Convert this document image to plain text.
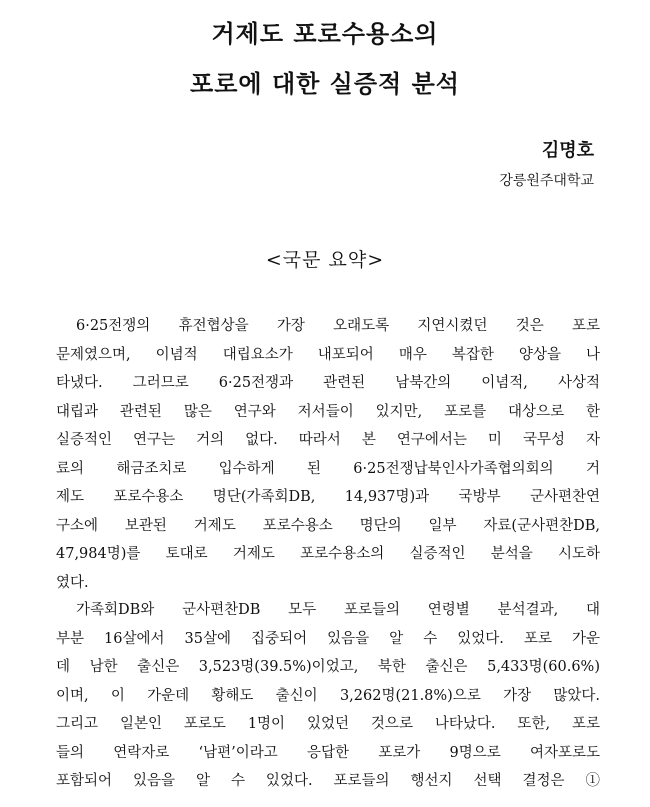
거제도 포로수용소의
포로에 대한 실증적 분석
김명호
강릉원주대학교
<국문 요약>
6·25전쟁의 휴전협상을 가장 오래도록 지연시켰던 것은 포로
문제였으며, 이념적 대립요소가 내포되어 매우 복잡한 양상을 나
타냈다. 그러므로 6·25전쟁과 관련된 남북간의 이념적, 사상적
대립과 관련된 많은 연구와 저서들이 있지만, 포로를 대상으로 한
실증적인 연구는 거의 없다. 따라서 본 연구에서는 미 국무성 자
료의 해금조치로 입수하게 된 6·25전쟁납북인사가족협의회의 거
제도 포로수용소 명단(가족회DB, 14,937명)과 국방부 군사편찬연
구소에 보관된 거제도 포로수용소 명단의 일부 자료(군사편찬DB,
47,984명)를 토대로 거제도 포로수용소의 실증적인 분석을 시도하
였다.
가족회DB와 군사편찬DB 모두 포로들의 연령별 분석결과, 대
부분 16살에서 35살에 집중되어 있음을 알 수 있었다. 포로 가운
데 남한 출신은 3,523명(39.5%)이었고, 북한 출신은 5,433명(60.6%)
이며, 이 가운데 황해도 출신이 3,262명(21.8%)으로 가장 많았다.
그리고 일본인 포로도 1명이 있었던 것으로 나타났다. 또한, 포로
들의 연락자로 ‘남편’이라고 응답한 포로가 9명으로 여자포로도
포함되어 있음을 알 수 있었다. 포로들의 행선지 선택 결정은 ①
